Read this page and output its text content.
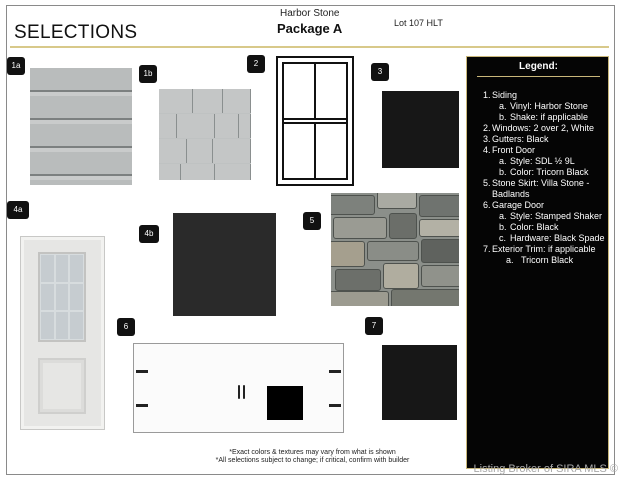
SELECTIONS
Harbor Stone
Package A	Lot 107 HLT
1a
1b
2
3
4a
4b
5
6	7
Legend:
1. Siding
a. Vinyl: Harbor Stone
b. Shake: if applicable
2. Windows: 2 over 2, White
3. Gutters: Black
4. Front Door
a. Style: SDL ½ 9L
b. Color: Tricorn Black
5. Stone Skirt: Villa Stone - Badlands
6. Garage Door
a. Style: Stamped Shaker
b. Color: Black
c. Hardware: Black Spade
7. Exterior Trim: if applicable
a. Tricorn Black
*Exact colors & textures may vary from what is shown
*All selections subject to change; if critical, confirm with builder
Listing Broker of SIRA MLS ©
